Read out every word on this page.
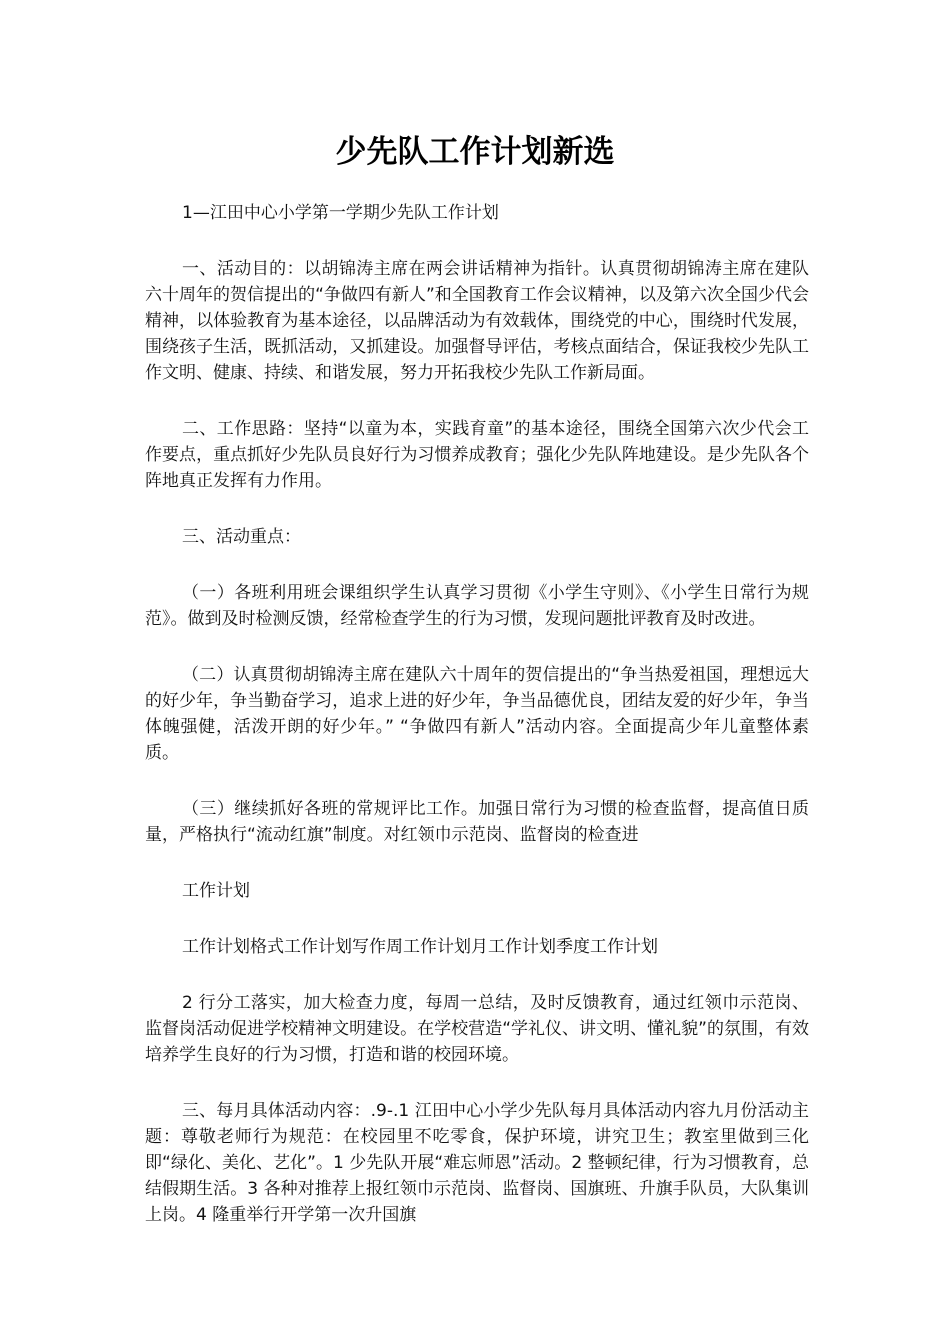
少先队工作计划新选

1—江田中心小学第一学期少先队工作计划

一、活动目的：以胡锦涛主席在两会讲话精神为指针。认真贯彻胡锦涛主席在建队六十周年的贺信提出的“争做四有新人”和全国教育工作会议精神，以及第六次全国少代会精神，以体验教育为基本途径，以品牌活动为有效载体，围绕党的中心，围绕时代发展，围绕孩子生活，既抓活动，又抓建设。加强督导评估，考核点面结合，保证我校少先队工作文明、健康、持续、和谐发展，努力开拓我校少先队工作新局面。

二、工作思路：坚持“以童为本，实践育童”的基本途径，围绕全国第六次少代会工作要点，重点抓好少先队员良好行为习惯养成教育；强化少先队阵地建设。是少先队各个阵地真正发挥有力作用。

三、活动重点：

（一）各班利用班会课组织学生认真学习贯彻《小学生守则》、《小学生日常行为规范》。做到及时检测反馈，经常检查学生的行为习惯，发现问题批评教育及时改进。

（二）认真贯彻胡锦涛主席在建队六十周年的贺信提出的“争当热爱祖国，理想远大的好少年，争当勤奋学习，追求上进的好少年，争当品德优良，团结友爱的好少年，争当体魄强健，活泼开朗的好少年。” “争做四有新人”活动内容。全面提高少年儿童整体素质。

（三）继续抓好各班的常规评比工作。加强日常行为习惯的检查监督，提高值日质量，严格执行“流动红旗”制度。对红领巾示范岗、监督岗的检查进

工作计划

工作计划格式工作计划写作周工作计划月工作计划季度工作计划

2 行分工落实，加大检查力度，每周一总结，及时反馈教育，通过红领巾示范岗、监督岗活动促进学校精神文明建设。在学校营造“学礼仪、讲文明、懂礼貌”的氛围，有效培养学生良好的行为习惯，打造和谐的校园环境。

三、每月具体活动内容：.9-.1 江田中心小学少先队每月具体活动内容九月份活动主题：尊敬老师行为规范：在校园里不吃零食，保护环境，讲究卫生；教室里做到三化即“绿化、美化、艺化”。1 少先队开展“难忘师恩”活动。2 整顿纪律，行为习惯教育，总结假期生活。3 各种对推荐上报红领巾示范岗、监督岗、国旗班、升旗手队员，大队集训上岗。4 隆重举行开学第一次升国旗
